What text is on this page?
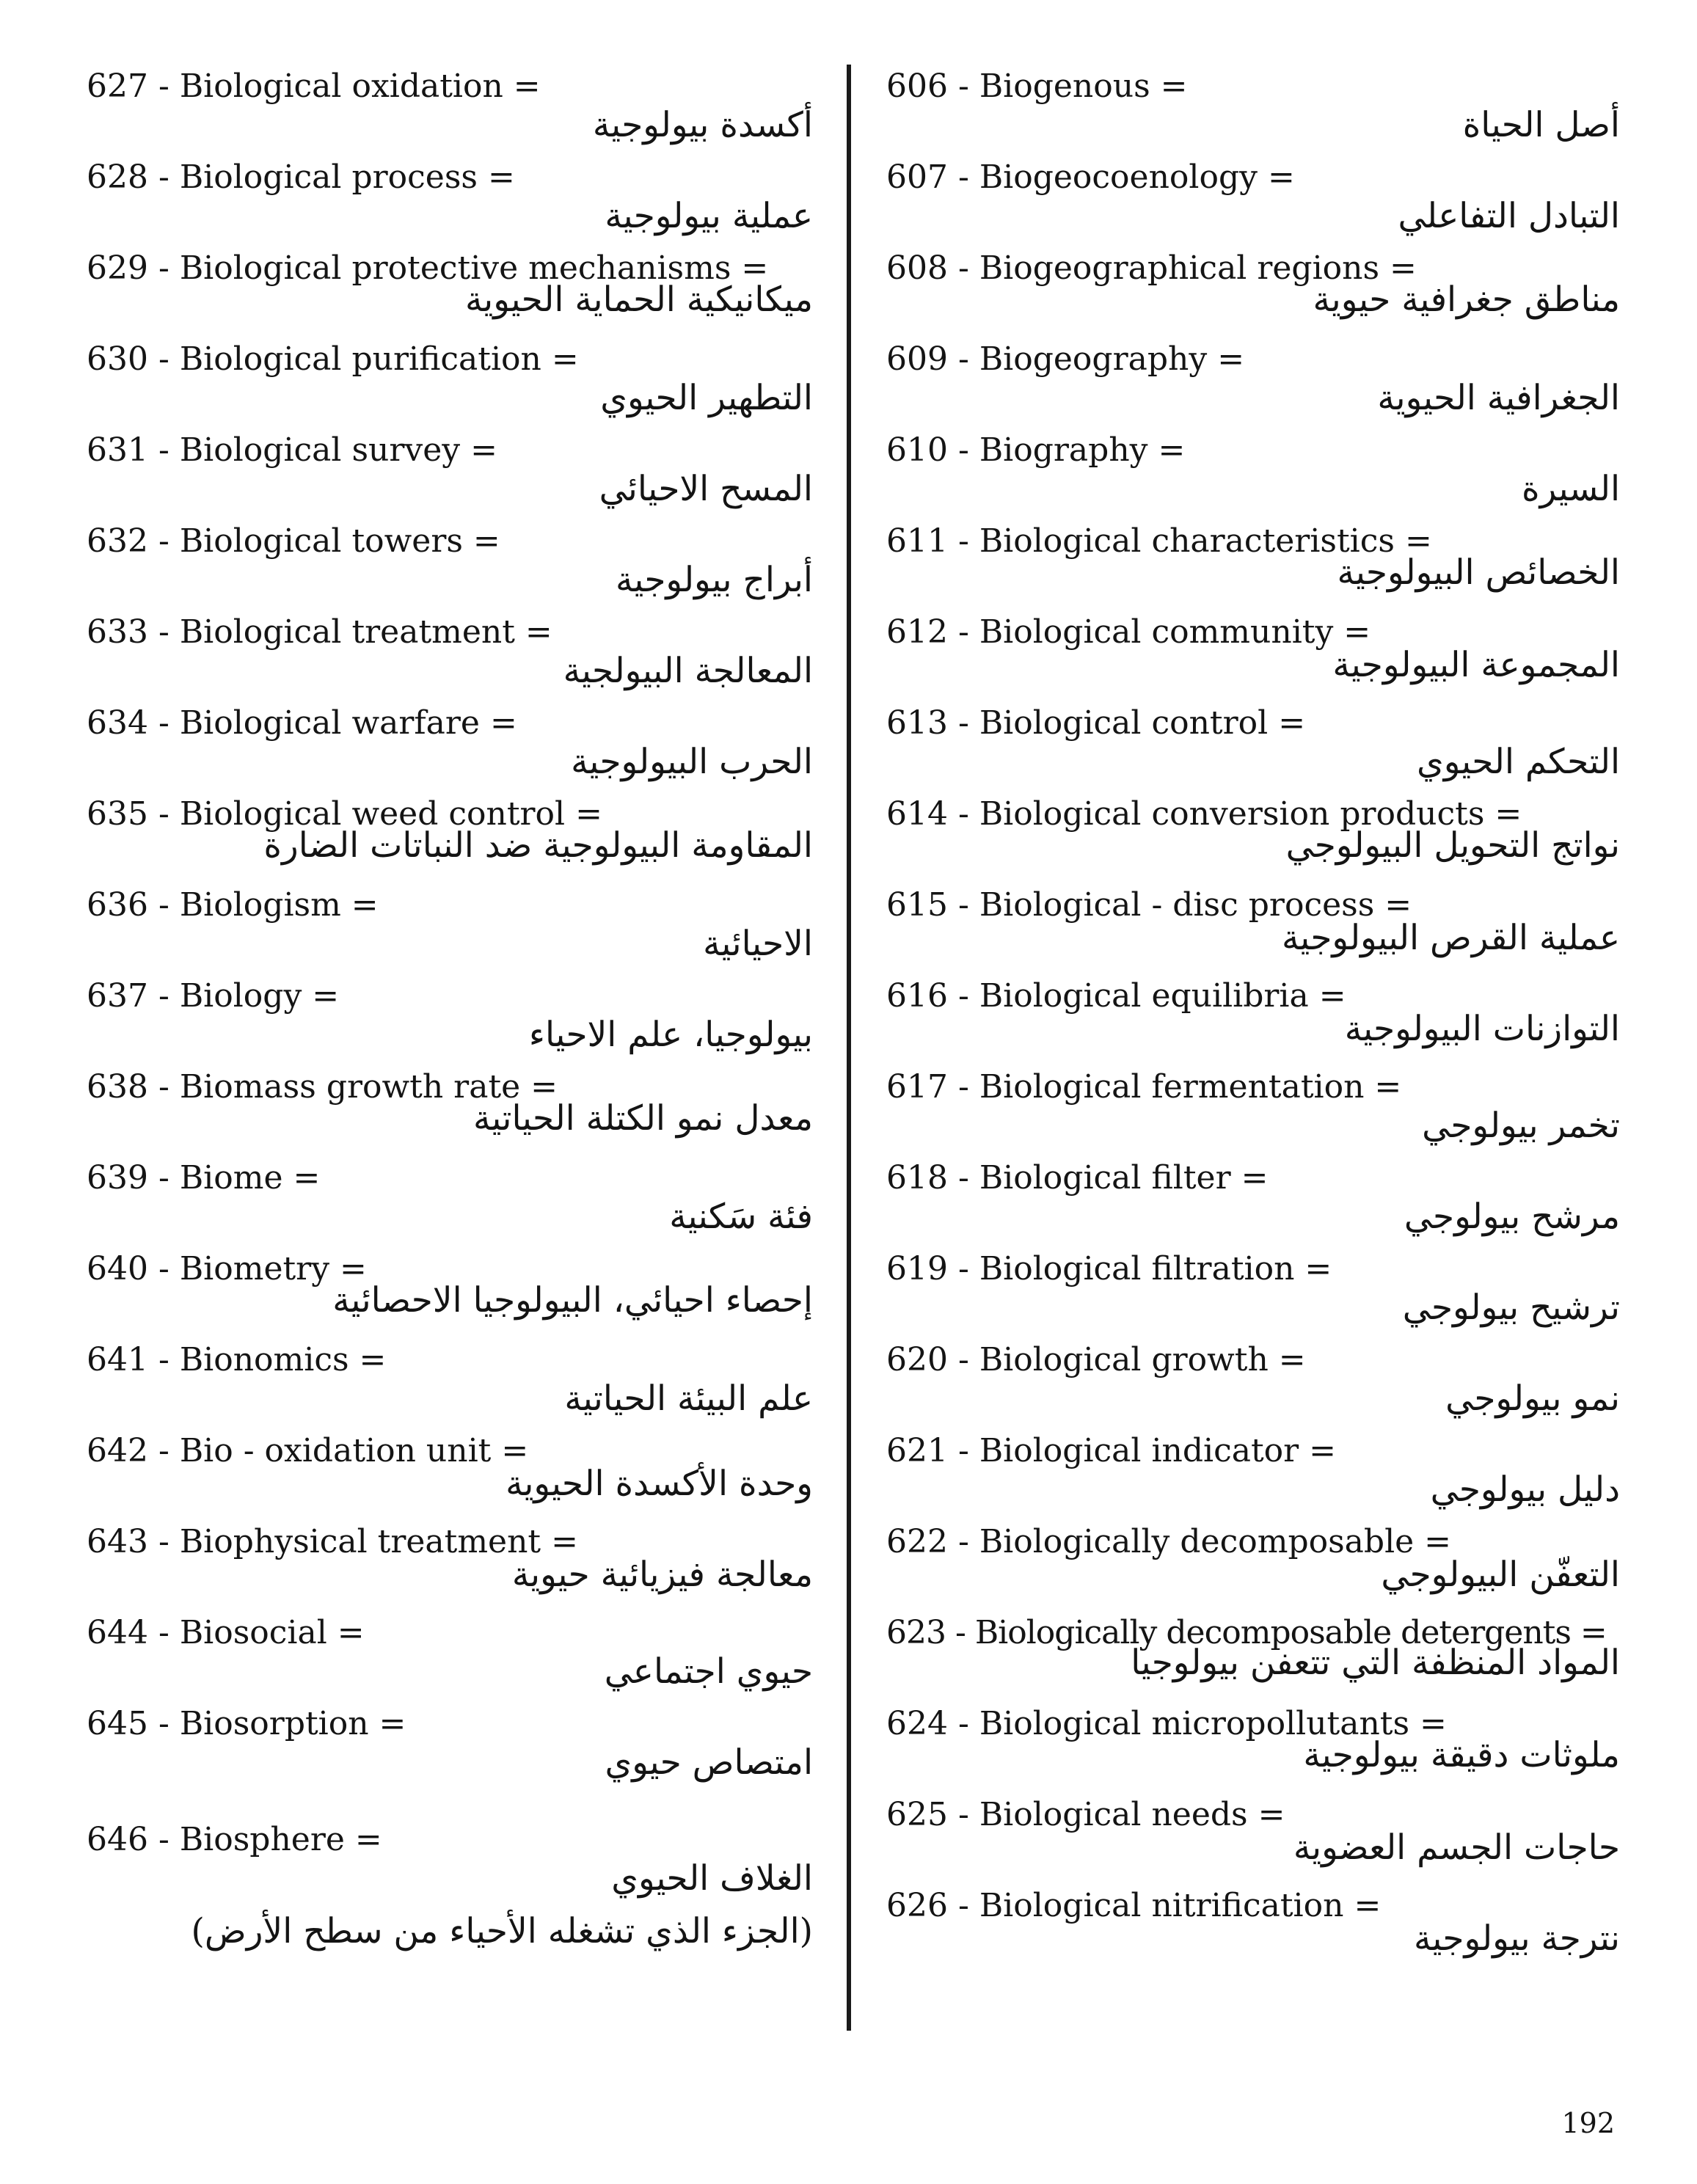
627 - Biological oxidation =
أكسدة بيولوجية
628 - Biological process =
عملية بيولوجية
629 - Biological protective mechanisms =
ميكانيكية الحماية الحيوية
630 - Biological purification =
التطهير الحيوي
631 - Biological survey =
المسح الاحيائي
632 - Biological towers =
أبراج بيولوجية
633 - Biological treatment =
المعالجة البيولجية
634 - Biological warfare =
الحرب البيولوجية
635 - Biological weed control =
المقاومة البيولوجية ضد النباتات الضارة
636 - Biologism =
الاحيائية
637 - Biology =
بيولوجيا، علم الاحياء
638 - Biomass growth rate =
معدل نمو الكتلة الحياتية
639 - Biome =
فئة سَكنية
640 - Biometry =
إحصاء احيائي، البيولوجيا الاحصائية
641 - Bionomics =
علم البيئة الحياتية
642 - Bio - oxidation unit =
وحدة الأكسدة الحيوية
643 - Biophysical treatment =
معالجة فيزيائية حيوية
644 - Biosocial =
حيوي اجتماعي
645 - Biosorption =
امتصاص حيوي
646 - Biosphere =
الغلاف الحيوي
(الجزء الذي تشغله الأحياء من سطح الأرض)
606 - Biogenous =
أصل الحياة
607 - Biogeocoenology =
التبادل التفاعلي
608 - Biogeographical regions =
مناطق جغرافية حيوية
609 - Biogeography =
الجغرافية الحيوية
610 - Biography =
السيرة
611 - Biological characteristics =
الخصائص البيولوجية
612 - Biological community =
المجموعة البيولوجية
613 - Biological control =
التحكم الحيوي
614 - Biological conversion products =
نواتج التحويل البيولوجي
615 - Biological - disc process =
عملية القرص البيولوجية
616 - Biological equilibria =
التوازنات البيولوجية
617 - Biological fermentation =
تخمر بيولوجي
618 - Biological filter =
مرشح بيولوجي
619 - Biological filtration =
ترشيح بيولوجي
620 - Biological growth =
نمو بيولوجي
621 - Biological indicator =
دليل بيولوجي
622 - Biologically decomposable =
التعفّن البيولوجي
623 - Biologically decomposable detergents =
المواد المنظفة التي تتعفن بيولوجيا
624 - Biological micropollutants =
ملوثات دقيقة بيولوجية
625 - Biological needs =
حاجات الجسم العضوية
626 - Biological nitrification =
نترجة بيولوجية
192
